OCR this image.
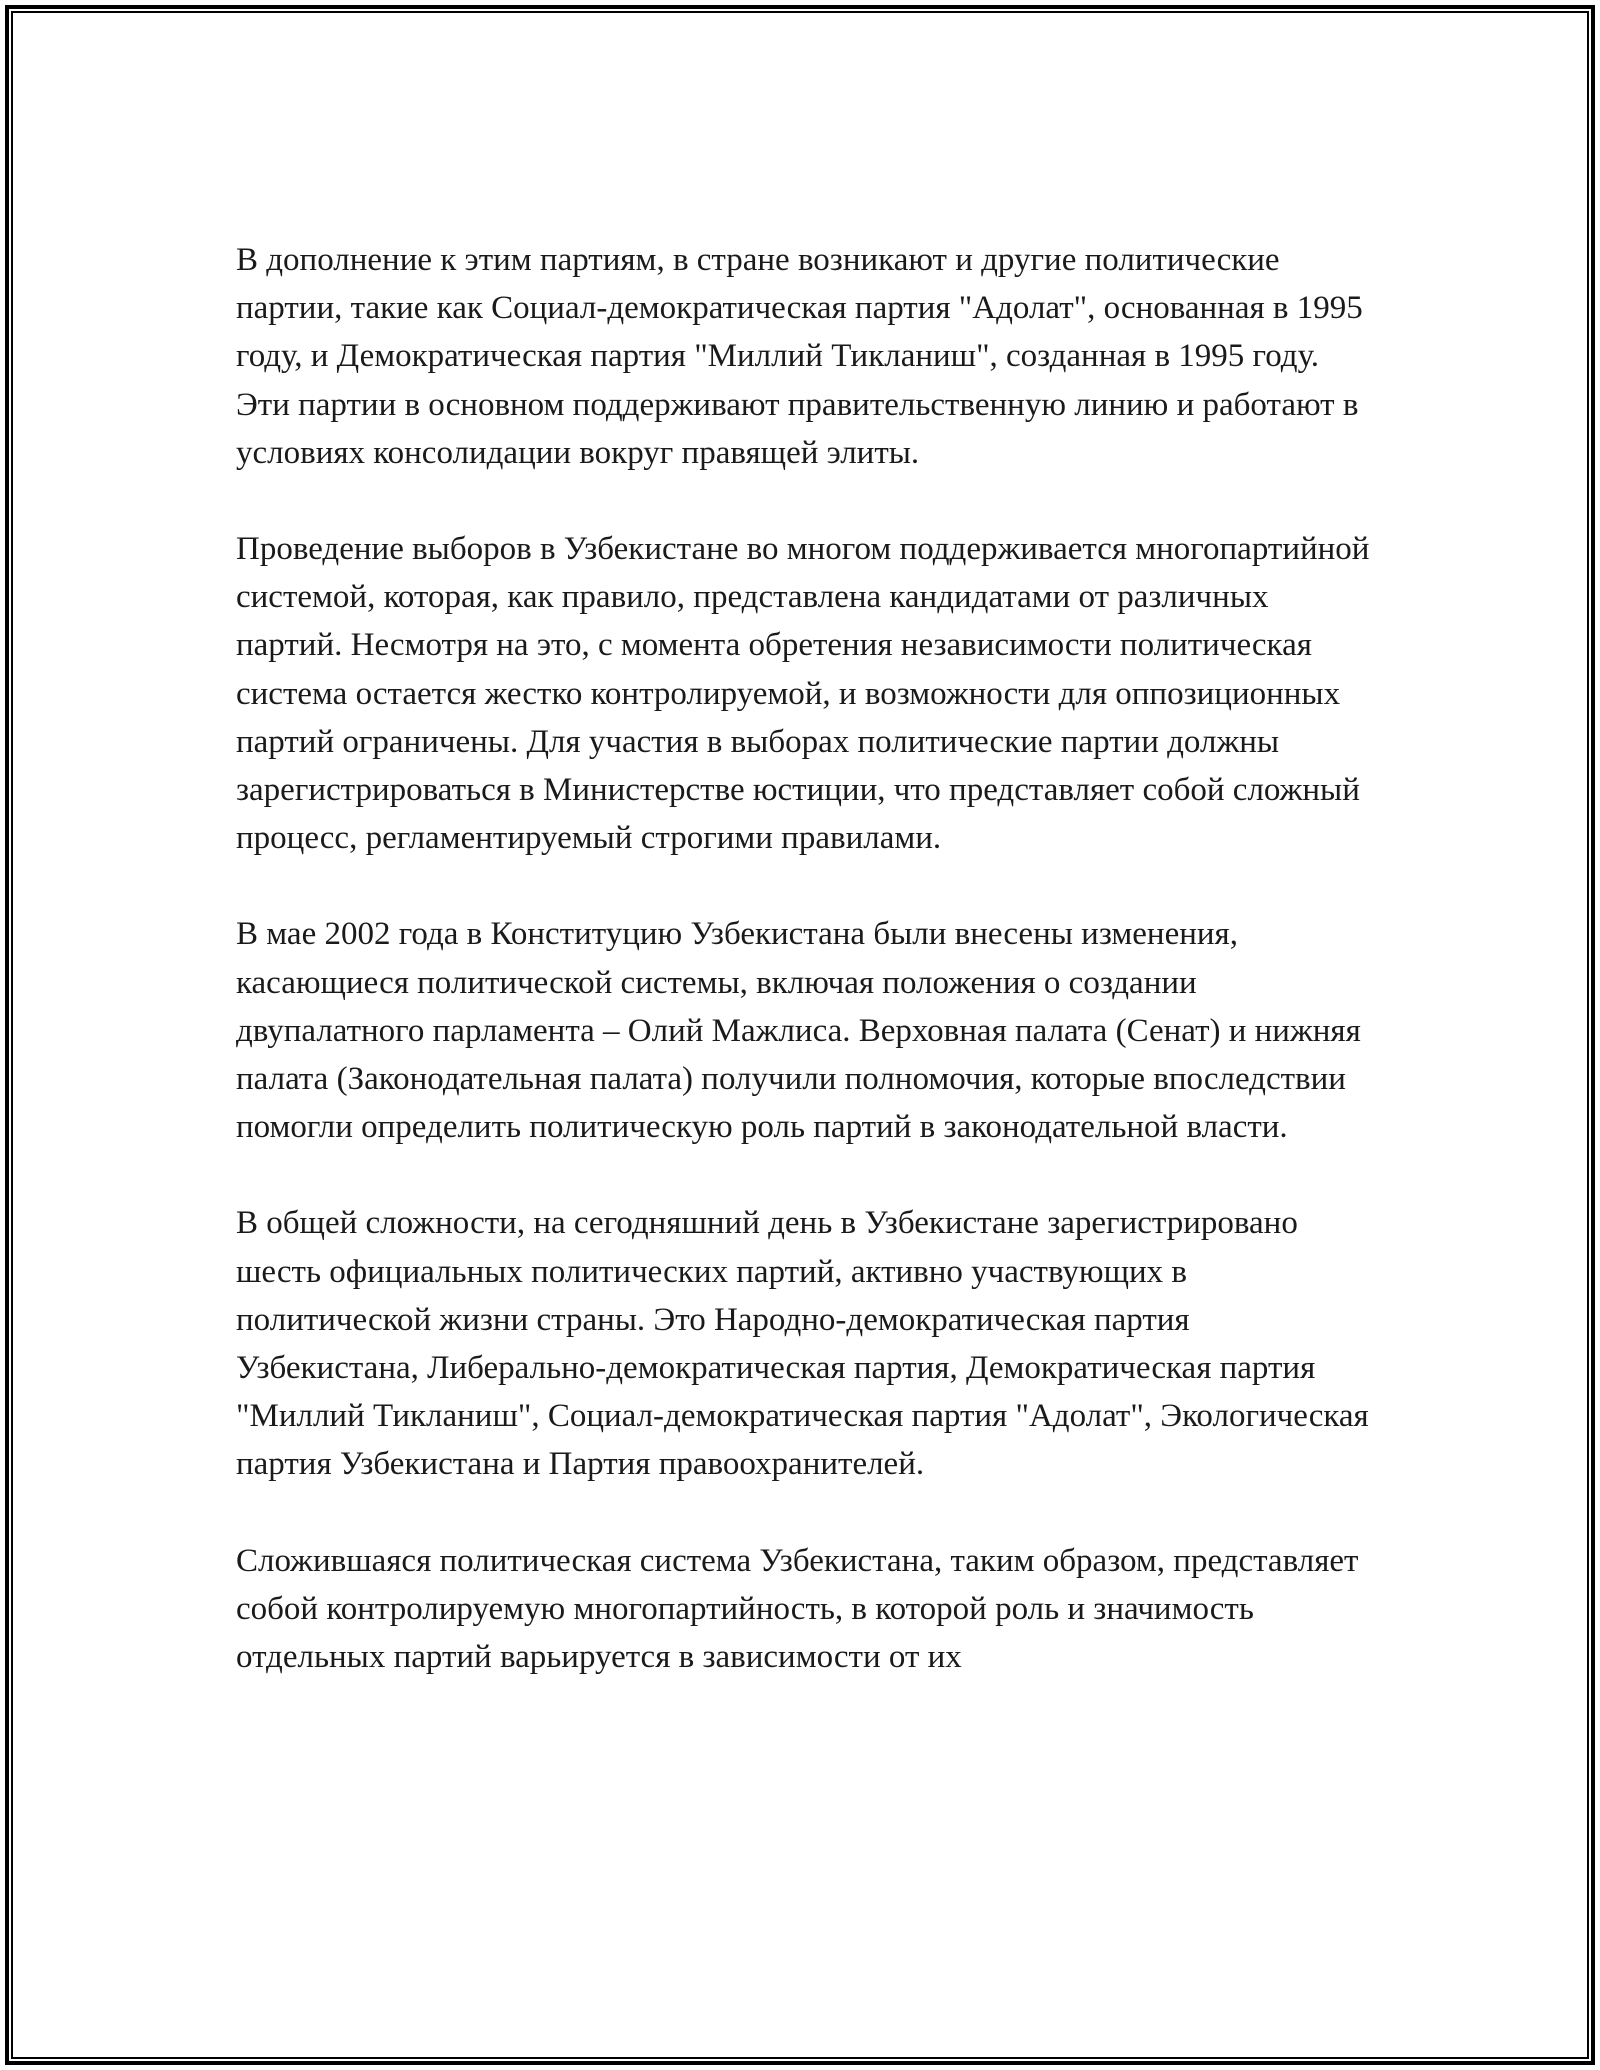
В дополнение к этим партиям, в стране возникают и другие политические партии, такие как Социал-демократическая партия "Адолат", основанная в 1995 году, и Демократическая партия "Миллий Тикланиш", созданная в 1995 году. Эти партии в основном поддерживают правительственную линию и работают в условиях консолидации вокруг правящей элиты.

Проведение выборов в Узбекистане во многом поддерживается многопартийной системой, которая, как правило, представлена кандидатами от различных партий. Несмотря на это, с момента обретения независимости политическая система остается жестко контролируемой, и возможности для оппозиционных партий ограничены. Для участия в выборах политические партии должны зарегистрироваться в Министерстве юстиции, что представляет собой сложный процесс, регламентируемый строгими правилами.

В мае 2002 года в Конституцию Узбекистана были внесены изменения, касающиеся политической системы, включая положения о создании двупалатного парламента – Олий Мажлиса. Верховная палата (Сенат) и нижняя палата (Законодательная палата) получили полномочия, которые впоследствии помогли определить политическую роль партий в законодательной власти.

В общей сложности, на сегодняшний день в Узбекистане зарегистрировано шесть официальных политических партий, активно участвующих в политической жизни страны. Это Народно-демократическая партия Узбекистана, Либерально-демократическая партия, Демократическая партия "Миллий Тикланиш", Социал-демократическая партия "Адолат", Экологическая партия Узбекистана и Партия правоохранителей.

Сложившаяся политическая система Узбекистана, таким образом, представляет собой контролируемую многопартийность, в которой роль и значимость отдельных партий варьируется в зависимости от их
